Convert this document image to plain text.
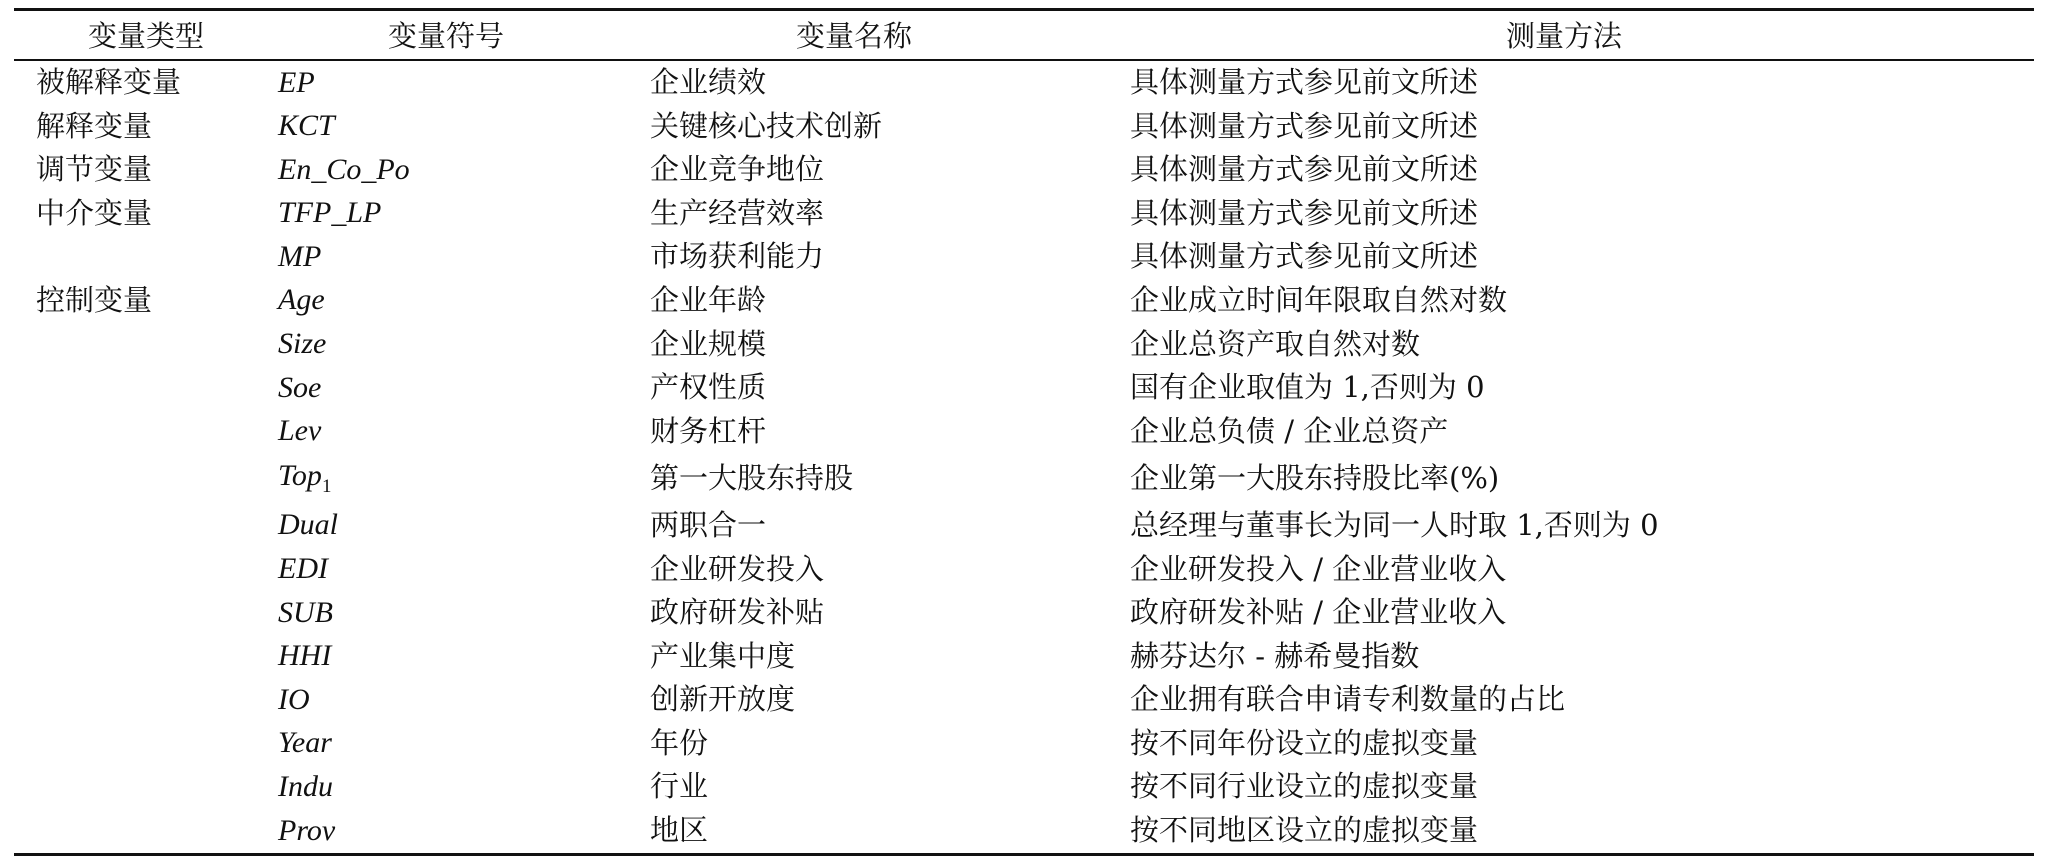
变量类型	变量符号	变量名称	测量方法
被解释变量	EP	企业绩效	具体测量方式参见前文所述
解释变量	KCT	关键核心技术创新	具体测量方式参见前文所述
调节变量	En_Co_Po	企业竞争地位	具体测量方式参见前文所述
中介变量	TFP_LP	生产经营效率	具体测量方式参见前文所述
	MP	市场获利能力	具体测量方式参见前文所述
控制变量	Age	企业年龄	企业成立时间年限取自然对数
	Size	企业规模	企业总资产取自然对数
	Soe	产权性质	国有企业取值为 1,否则为 0
	Lev	财务杠杆	企业总负债 / 企业总资产
	Top$_1$	第一大股东持股	企业第一大股东持股比率(%)
	Dual	两职合一	总经理与董事长为同一人时取 1,否则为 0
	EDI	企业研发投入	企业研发投入 / 企业营业收入
	SUB	政府研发补贴	政府研发补贴 / 企业营业收入
	HHI	产业集中度	赫芬达尔 - 赫希曼指数
	IO	创新开放度	企业拥有联合申请专利数量的占比
	Year	年份	按不同年份设立的虚拟变量
	Indu	行业	按不同行业设立的虚拟变量
	Prov	地区	按不同地区设立的虚拟变量
